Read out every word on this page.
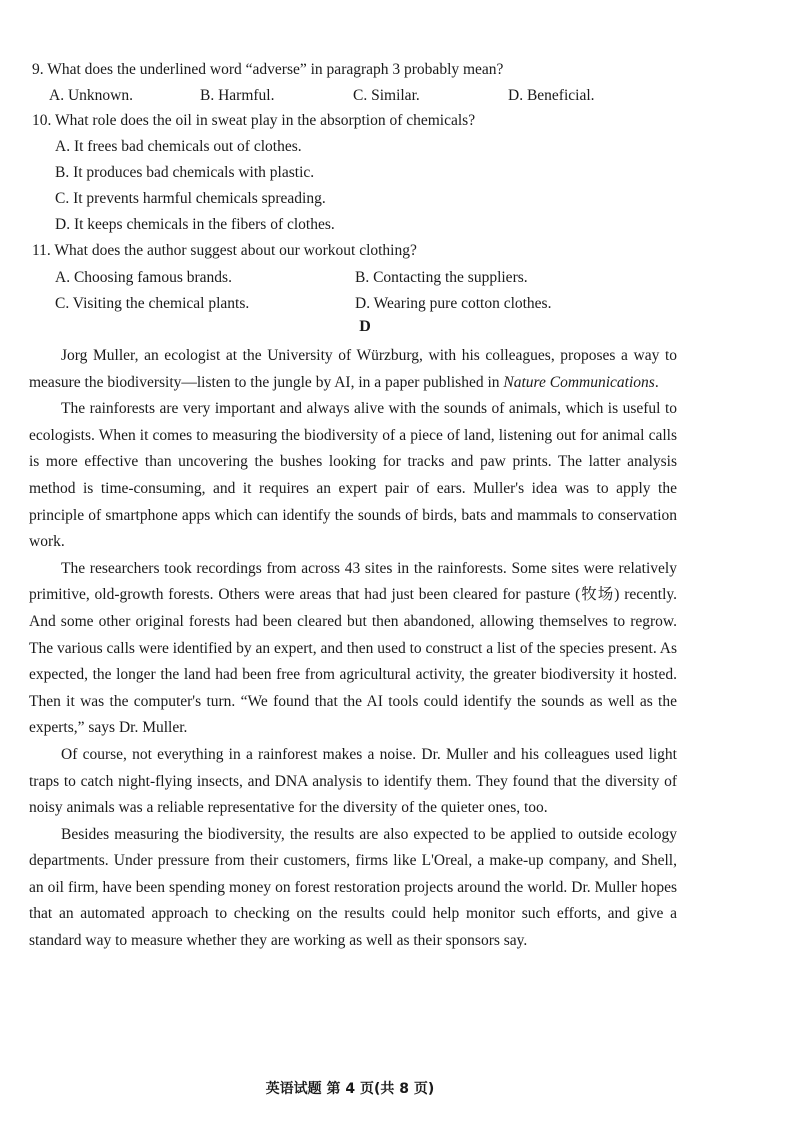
9. What does the underlined word “adverse” in paragraph 3 probably mean?
A. Unknown.	B. Harmful.	C. Similar.	D. Beneficial.
10. What role does the oil in sweat play in the absorption of chemicals?
A. It frees bad chemicals out of clothes.
B. It produces bad chemicals with plastic.
C. It prevents harmful chemicals spreading.
D. It keeps chemicals in the fibers of clothes.
11. What does the author suggest about our workout clothing?
A. Choosing famous brands.	B. Contacting the suppliers.
C. Visiting the chemical plants.	D. Wearing pure cotton clothes.
D

Jorg Muller, an ecologist at the University of Würzburg, with his colleagues, proposes a way to measure the biodiversity—listen to the jungle by AI, in a paper published in Nature Communications.

The rainforests are very important and always alive with the sounds of animals, which is useful to ecologists. When it comes to measuring the biodiversity of a piece of land, listening out for animal calls is more effective than uncovering the bushes looking for tracks and paw prints. The latter analysis method is time-consuming, and it requires an expert pair of ears. Muller's idea was to apply the principle of smartphone apps which can identify the sounds of birds, bats and mammals to conservation work.

The researchers took recordings from across 43 sites in the rainforests. Some sites were relatively primitive, old-growth forests. Others were areas that had just been cleared for pasture (牧场) recently. And some other original forests had been cleared but then abandoned, allowing themselves to regrow. The various calls were identified by an expert, and then used to construct a list of the species present. As expected, the longer the land had been free from agricultural activity, the greater biodiversity it hosted. Then it was the computer's turn. “We found that the AI tools could identify the sounds as well as the experts,” says Dr. Muller.

Of course, not everything in a rainforest makes a noise. Dr. Muller and his colleagues used light traps to catch night-flying insects, and DNA analysis to identify them. They found that the diversity of noisy animals was a reliable representative for the diversity of the quieter ones, too.

Besides measuring the biodiversity, the results are also expected to be applied to outside ecology departments. Under pressure from their customers, firms like L'Oreal, a make-up company, and Shell, an oil firm, have been spending money on forest restoration projects around the world. Dr. Muller hopes that an automated approach to checking on the results could help monitor such efforts, and give a standard way to measure whether they are working as well as their sponsors say.

英语试题 第 4 页(共 8 页)
